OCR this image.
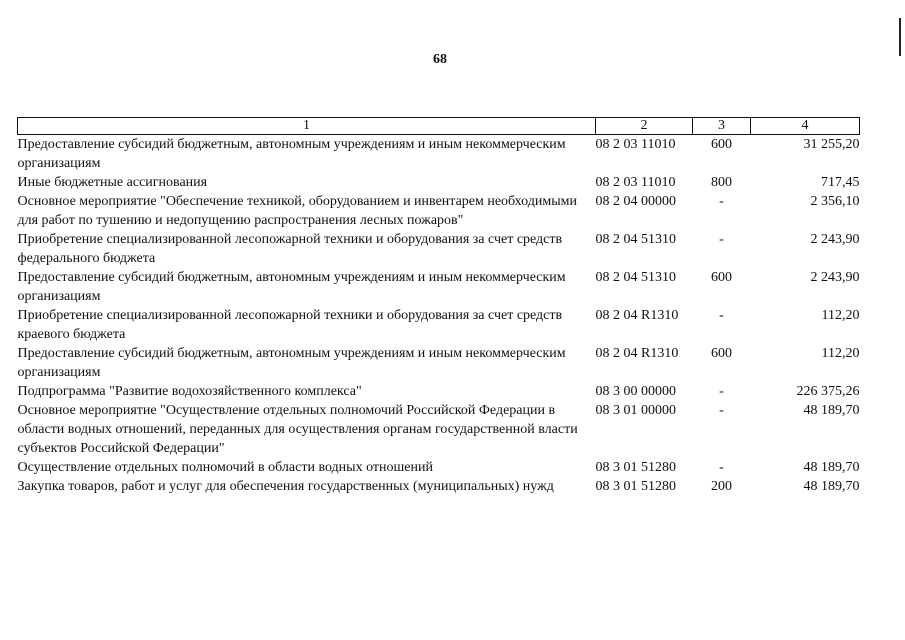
68
1	2	3	4
Предоставление субсидий бюджетным, автономным учреждениям и иным некоммерческим организациям	08 2 03 11010	600	31 255,20
Иные бюджетные ассигнования	08 2 03 11010	800	717,45
Основное мероприятие "Обеспечение техникой, оборудованием и инвентарем необходимыми для работ по тушению и недопущению распространения лесных пожаров"	08 2 04 00000	-	2 356,10
Приобретение специализированной лесопожарной техники и оборудования за счет средств федерального бюджета	08 2 04 51310	-	2 243,90
Предоставление субсидий бюджетным, автономным учреждениям и иным некоммерческим организациям	08 2 04 51310	600	2 243,90
Приобретение специализированной лесопожарной техники и оборудования за счет средств краевого бюджета	08 2 04 R1310	-	112,20
Предоставление субсидий бюджетным, автономным учреждениям и иным некоммерческим организациям	08 2 04 R1310	600	112,20
Подпрограмма "Развитие водохозяйственного комплекса"	08 3 00 00000	-	226 375,26
Основное мероприятие "Осуществление отдельных полномочий Российской Федерации в области водных отношений, переданных для осуществления органам государственной власти субъектов Российской Федерации"	08 3 01 00000	-	48 189,70
Осуществление отдельных полномочий в области водных отношений	08 3 01 51280	-	48 189,70
Закупка товаров, работ и услуг для обеспечения государственных (муниципальных) нужд	08 3 01 51280	200	48 189,70
